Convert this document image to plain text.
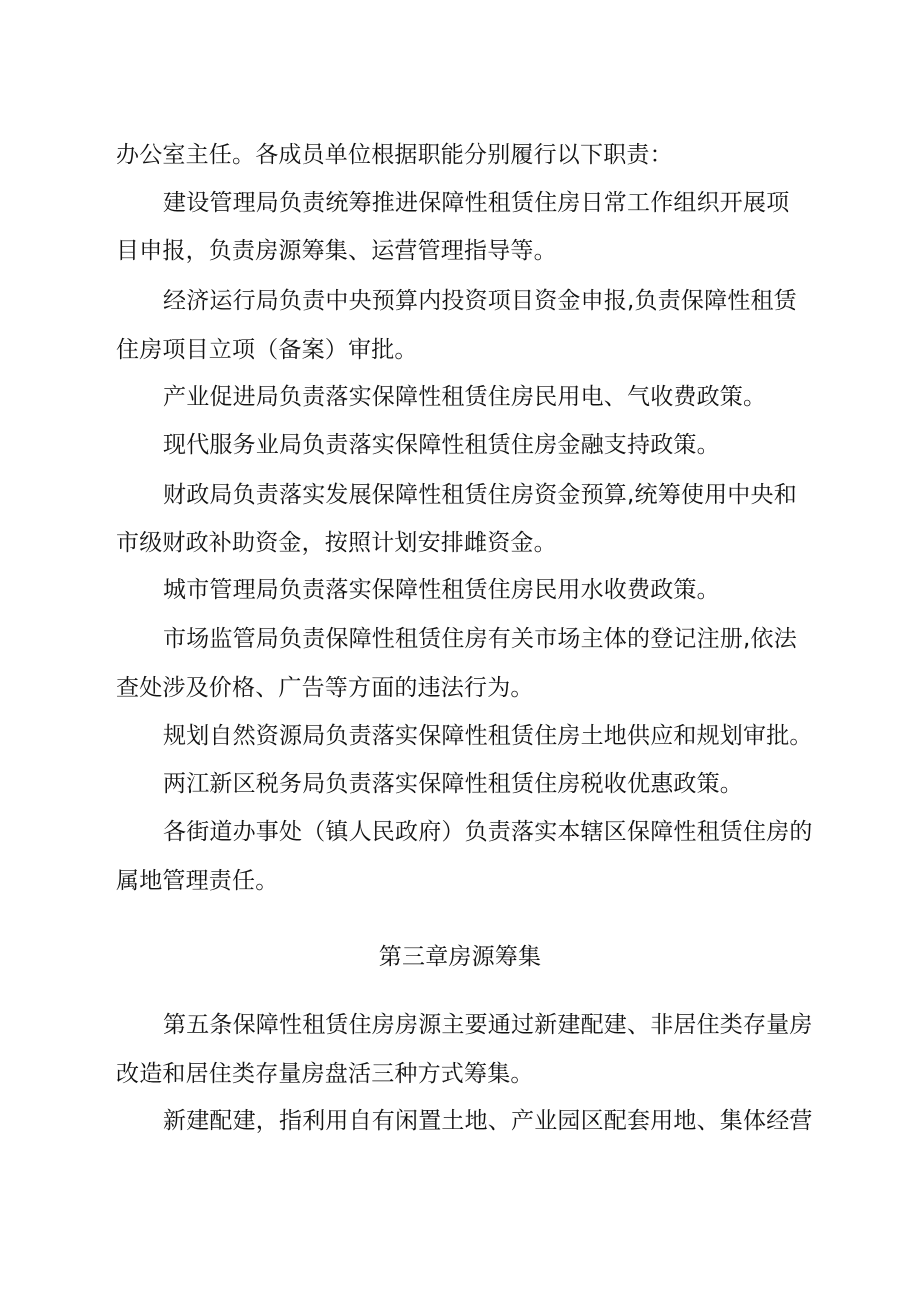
办公室主任。各成员单位根据职能分别履行以下职责：
建设管理局负责统筹推进保障性租赁住房日常工作组织开展项
目申报，负责房源筹集、运营管理指导等。
经济运行局负责中央预算内投资项目资金申报,负责保障性租赁
住房项目立项（备案）审批。
产业促进局负责落实保障性租赁住房民用电、气收费政策。
现代服务业局负责落实保障性租赁住房金融支持政策。
财政局负责落实发展保障性租赁住房资金预算,统筹使用中央和
市级财政补助资金，按照计划安排雌资金。
城市管理局负责落实保障性租赁住房民用水收费政策。
市场监管局负责保障性租赁住房有关市场主体的登记注册,依法
查处涉及价格、广告等方面的违法行为。
规划自然资源局负责落实保障性租赁住房土地供应和规划审批。
两江新区税务局负责落实保障性租赁住房税收优惠政策。
各街道办事处（镇人民政府）负责落实本辖区保障性租赁住房的
属地管理责任。
第三章房源筹集
第五条保障性租赁住房房源主要通过新建配建、非居住类存量房
改造和居住类存量房盘活三种方式筹集。
新建配建，指利用自有闲置土地、产业园区配套用地、集体经营
